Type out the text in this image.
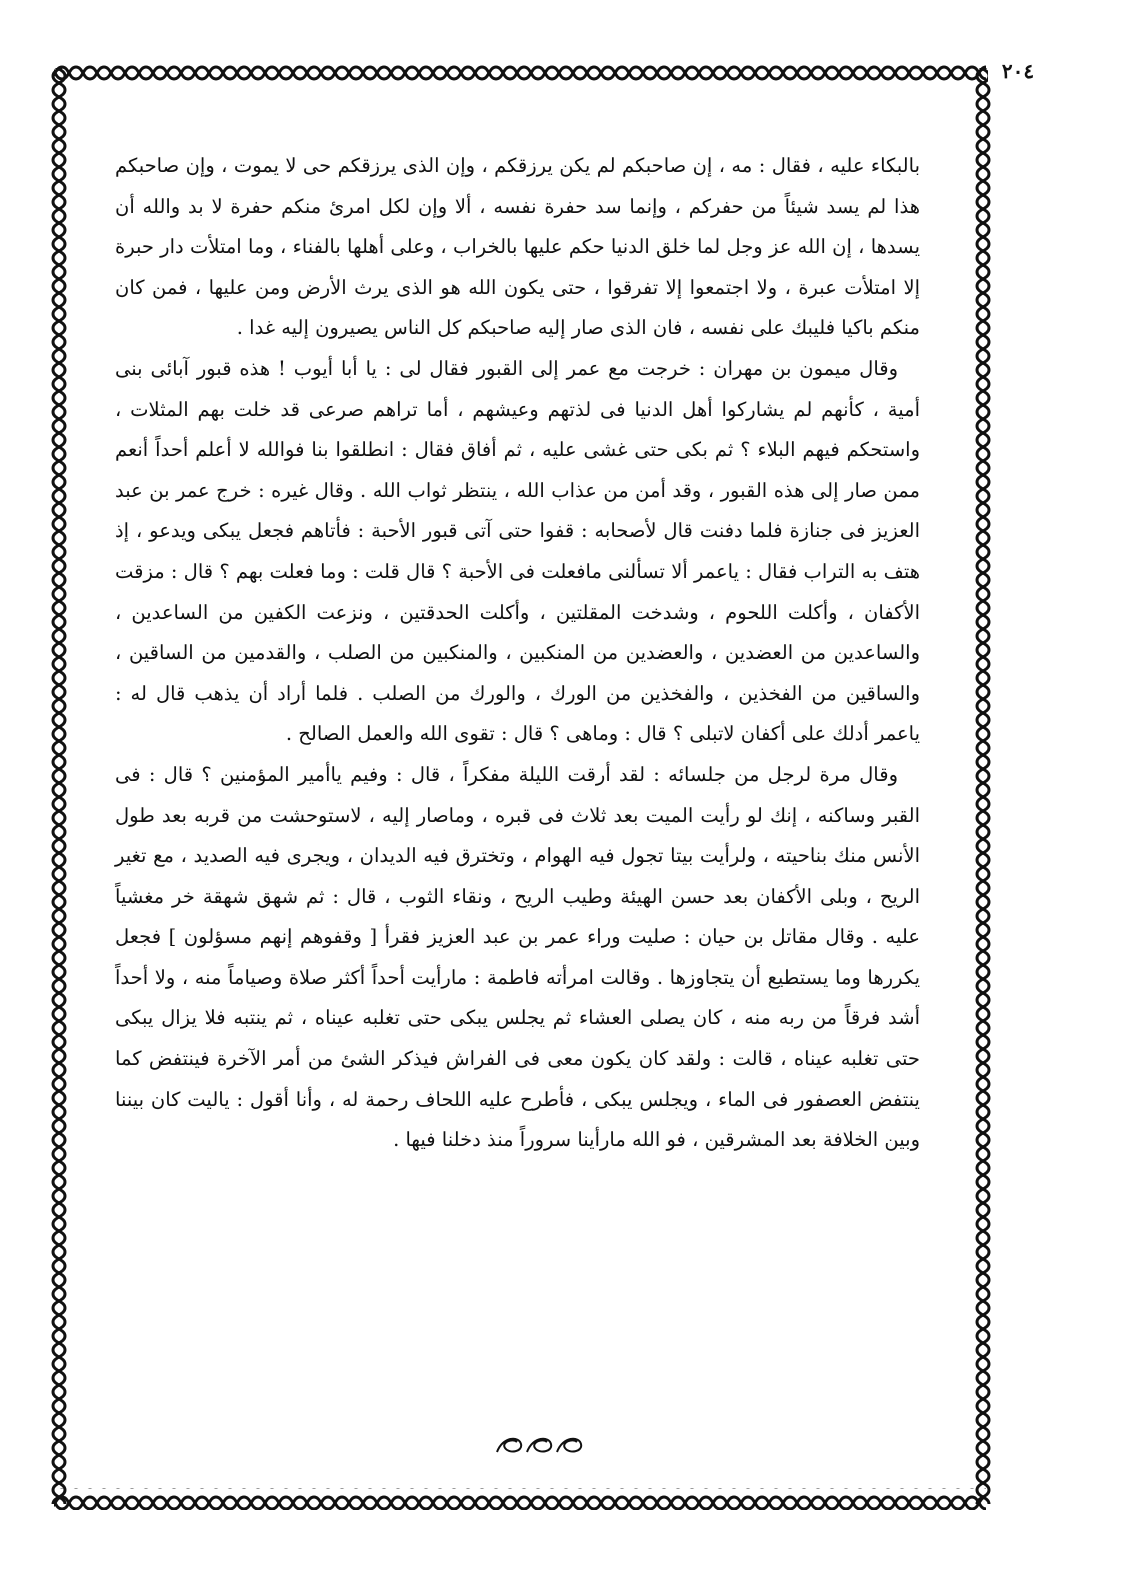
٢٠٤

بالبكاء عليه ، فقال : مه ، إن صاحبكم لم يكن يرزقكم ، وإن الذى يرزقكم حى لا يموت ، وإن صاحبكم هذا لم يسد شيئاً من حفركم ، وإنما سد حفرة نفسه ، ألا وإن لكل امرئ منكم حفرة لا بد والله أن يسدها ، إن الله عز وجل لما خلق الدنيا حكم عليها بالخراب ، وعلى أهلها بالفناء ، وما امتلأت دار حبرة إلا امتلأت عبرة ، ولا اجتمعوا إلا تفرقوا ، حتى يكون الله هو الذى يرث الأرض ومن عليها ، فمن كان منكم باكيا فليبك على نفسه ، فان الذى صار إليه صاحبكم كل الناس يصيرون إليه غدا .

وقال ميمون بن مهران : خرجت مع عمر إلى القبور فقال لى : يا أبا أيوب ! هذه قبور آبائى بنى أمية ، كأنهم لم يشاركوا أهل الدنيا فى لذتهم وعيشهم ، أما تراهم صرعى قد خلت بهم المثلات ، واستحكم فيهم البلاء ؟ ثم بكى حتى غشى عليه ، ثم أفاق فقال : انطلقوا بنا فوالله لا أعلم أحداً أنعم ممن صار إلى هذه القبور ، وقد أمن من عذاب الله ، ينتظر ثواب الله . وقال غيره : خرج عمر بن عبد العزيز فى جنازة فلما دفنت قال لأصحابه : قفوا حتى آتى قبور الأحبة : فأتاهم فجعل يبكى ويدعو ، إذ هتف به التراب فقال : ياعمر ألا تسألنى مافعلت فى الأحبة ؟ قال قلت : وما فعلت بهم ؟ قال : مزقت الأكفان ، وأكلت اللحوم ، وشدخت المقلتين ، وأكلت الحدقتين ، ونزعت الكفين من الساعدين ، والساعدين من العضدين ، والعضدين من المنكبين ، والمنكبين من الصلب ، والقدمين من الساقين ، والساقين من الفخذين ، والفخذين من الورك ، والورك من الصلب . فلما أراد أن يذهب قال له : ياعمر أدلك على أكفان لاتبلى ؟ قال : وماهى ؟ قال : تقوى الله والعمل الصالح .

وقال مرة لرجل من جلسائه : لقد أرقت الليلة مفكراً ، قال : وفيم ياأمير المؤمنين ؟ قال : فى القبر وساكنه ، إنك لو رأيت الميت بعد ثلاث فى قبره ، وماصار إليه ، لاستوحشت من قربه بعد طول الأنس منك بناحيته ، ولرأيت بيتا تجول فيه الهوام ، وتخترق فيه الديدان ، ويجرى فيه الصديد ، مع تغير الريح ، وبلى الأكفان بعد حسن الهيئة وطيب الريح ، ونقاء الثوب ، قال : ثم شهق شهقة خر مغشياً عليه . وقال مقاتل بن حيان : صليت وراء عمر بن عبد العزيز فقرأ [ وقفوهم إنهم مسؤلون ] فجعل يكررها وما يستطيع أن يتجاوزها . وقالت امرأته فاطمة : مارأيت أحداً أكثر صلاة وصياماً منه ، ولا أحداً أشد فرقاً من ربه منه ، كان يصلى العشاء ثم يجلس يبكى حتى تغلبه عيناه ، ثم ينتبه فلا يزال يبكى حتى تغلبه عيناه ، قالت : ولقد كان يكون معى فى الفراش فيذكر الشئ من أمر الآخرة فينتفض كما ينتفض العصفور فى الماء ، ويجلس يبكى ، فأطرح عليه اللحاف رحمة له ، وأنا أقول : ياليت كان بيننا وبين الخلافة بعد المشرقين ، فو الله مارأينا سروراً منذ دخلنا فيها .
